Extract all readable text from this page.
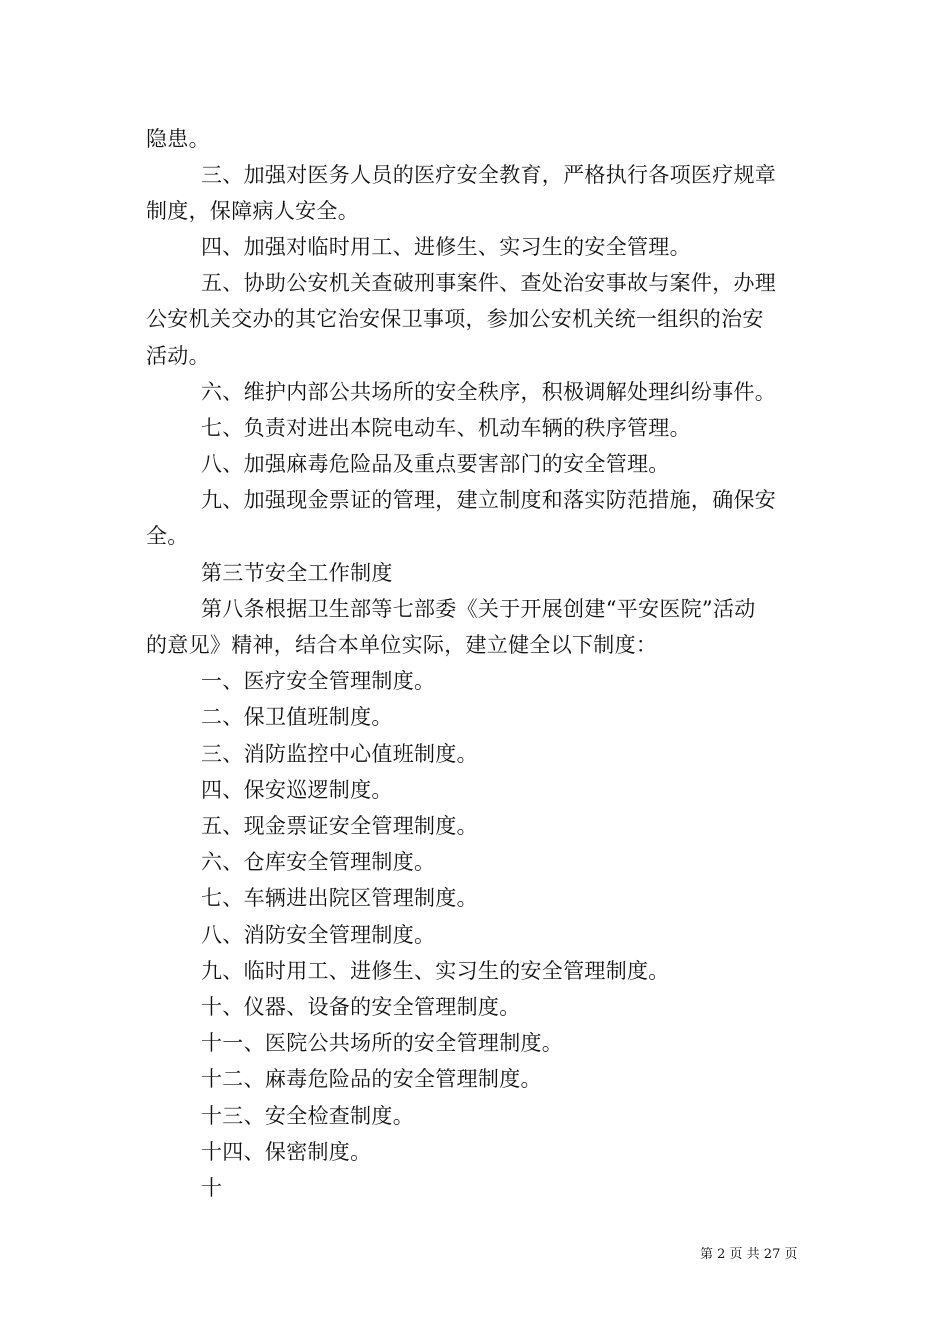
隐患。
三、加强对医务人员的医疗安全教育，严格执行各项医疗规章
制度，保障病人安全。
四、加强对临时用工、进修生、实习生的安全管理。
五、协助公安机关查破刑事案件、查处治安事故与案件，办理
公安机关交办的其它治安保卫事项，参加公安机关统一组织的治安
活动。
六、维护内部公共场所的安全秩序，积极调解处理纠纷事件。
七、负责对进出本院电动车、机动车辆的秩序管理。
八、加强麻毒危险品及重点要害部门的安全管理。
九、加强现金票证的管理，建立制度和落实防范措施，确保安
全。
第三节安全工作制度
第八条根据卫生部等七部委《关于开展创建“平安医院”活动
的意见》精神，结合本单位实际，建立健全以下制度：
一、医疗安全管理制度。
二、保卫值班制度。
三、消防监控中心值班制度。
四、保安巡逻制度。
五、现金票证安全管理制度。
六、仓库安全管理制度。
七、车辆进出院区管理制度。
八、消防安全管理制度。
九、临时用工、进修生、实习生的安全管理制度。
十、仪器、设备的安全管理制度。
十一、医院公共场所的安全管理制度。
十二、麻毒危险品的安全管理制度。
十三、安全检查制度。
十四、保密制度。
十
第 2 页 共 27 页
